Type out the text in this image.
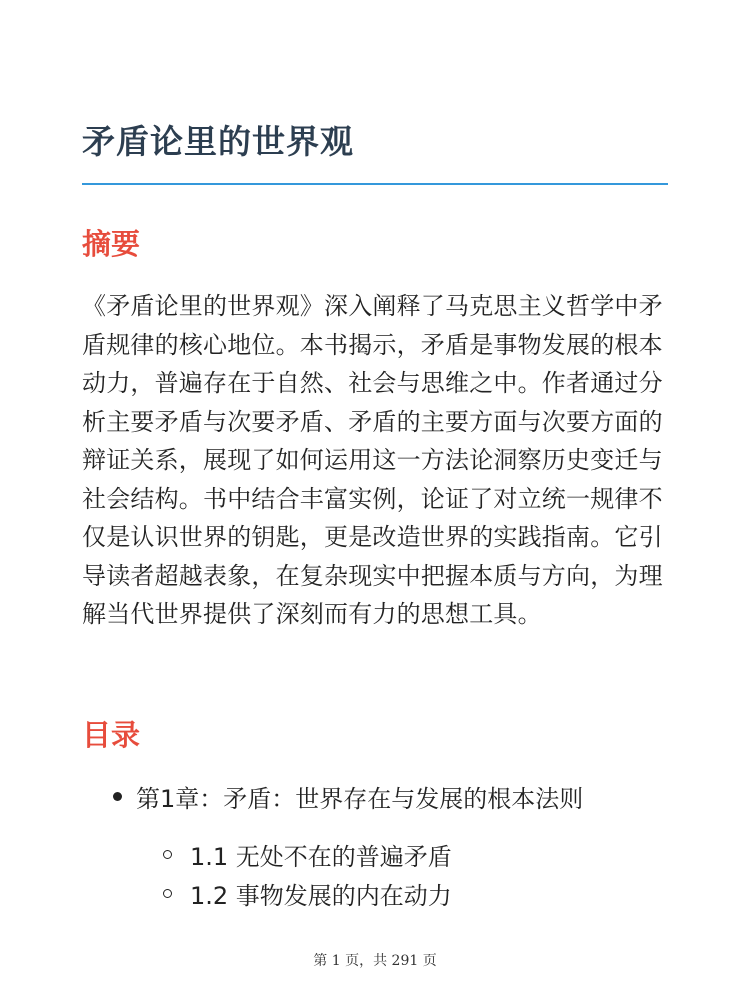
矛盾论里的世界观
摘要

《矛盾论里的世界观》深入阐释了马克思主义哲学中矛盾规律的核心地位。本书揭示，矛盾是事物发展的根本动力，普遍存在于自然、社会与思维之中。作者通过分析主要矛盾与次要矛盾、矛盾的主要方面与次要方面的辩证关系，展现了如何运用这一方法论洞察历史变迁与社会结构。书中结合丰富实例，论证了对立统一规律不仅是认识世界的钥匙，更是改造世界的实践指南。它引导读者超越表象，在复杂现实中把握本质与方向，为理解当代世界提供了深刻而有力的思想工具。

目录
第1章：矛盾：世界存在与发展的根本法则
1.1 无处不在的普遍矛盾
1.2 事物发展的内在动力
第 1 页，共 291 页
